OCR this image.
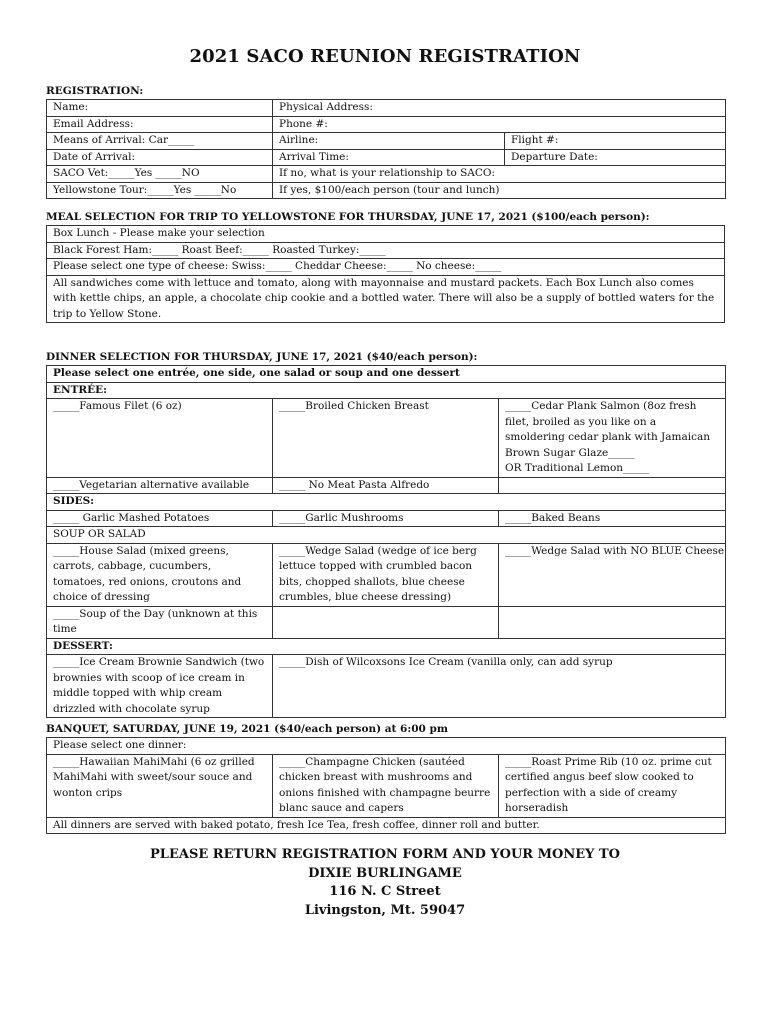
2021 SACO REUNION REGISTRATION
REGISTRATION:
Name:	Physical Address:	
Email Address:	Phone #:	
Means of Arrival: Car_____	Airline:	Flight #:
Date of Arrival:	Arrival Time:	Departure Date:
SACO Vet:_____Yes _____NO	If no, what is your relationship to SACO:	
Yellowstone Tour:_____Yes _____No	If yes, $100/each person (tour and lunch)	
MEAL SELECTION FOR TRIP TO YELLOWSTONE FOR THURSDAY, JUNE 17, 2021 ($100/each person):
Box Lunch - Please make your selection
Black Forest Ham:_____ Roast Beef:_____ Roasted Turkey:_____
Please select one type of cheese: Swiss:_____ Cheddar Cheese:_____ No cheese:_____
All sandwiches come with lettuce and tomato, along with mayonnaise and mustard packets. Each Box Lunch also comes with kettle chips, an apple, a chocolate chip cookie and a bottled water. There will also be a supply of bottled waters for the trip to Yellow Stone.
DINNER SELECTION FOR THURSDAY, JUNE 17, 2021 ($40/each person):
Please select one entrée, one side, one salad or soup and one dessert		
ENTRÉE:		
_____Famous Filet (6 oz)	_____Broiled Chicken Breast	_____Cedar Plank Salmon (8oz fresh filet, broiled as you like on a smoldering cedar plank with Jamaican Brown Sugar Glaze_____
OR Traditional Lemon_____
_____Vegetarian alternative available	_____ No Meat Pasta Alfredo	
SIDES:		
_____ Garlic Mashed Potatoes	_____Garlic Mushrooms	_____Baked Beans
SOUP OR SALAD		
_____House Salad (mixed greens, carrots, cabbage, cucumbers, tomatoes, red onions, croutons and choice of dressing	_____Wedge Salad (wedge of ice berg lettuce topped with crumbled bacon bits, chopped shallots, blue cheese crumbles, blue cheese dressing)	_____Wedge Salad with NO BLUE Cheese
_____Soup of the Day (unknown at this time		
DESSERT:		
_____Ice Cream Brownie Sandwich (two brownies with scoop of ice cream in middle topped with whip cream drizzled with chocolate syrup	_____Dish of Wilcoxsons Ice Cream (vanilla only, can add syrup	
BANQUET, SATURDAY, JUNE 19, 2021 ($40/each person) at 6:00 pm
Please select one dinner:
_____Hawaiian MahiMahi (6 oz grilled MahiMahi with sweet/sour souce and wonton crips	_____Champagne Chicken (sautéed chicken breast with mushrooms and onions finished with champagne beurre blanc sauce and capers	_____Roast Prime Rib (10 oz. prime cut certified angus beef slow cooked to perfection with a side of creamy horseradish
All dinners are served with baked potato, fresh Ice Tea, fresh coffee, dinner roll and butter.
PLEASE RETURN REGISTRATION FORM AND YOUR MONEY TO
DIXIE BURLINGAME
116 N. C Street
Livingston, Mt. 59047
